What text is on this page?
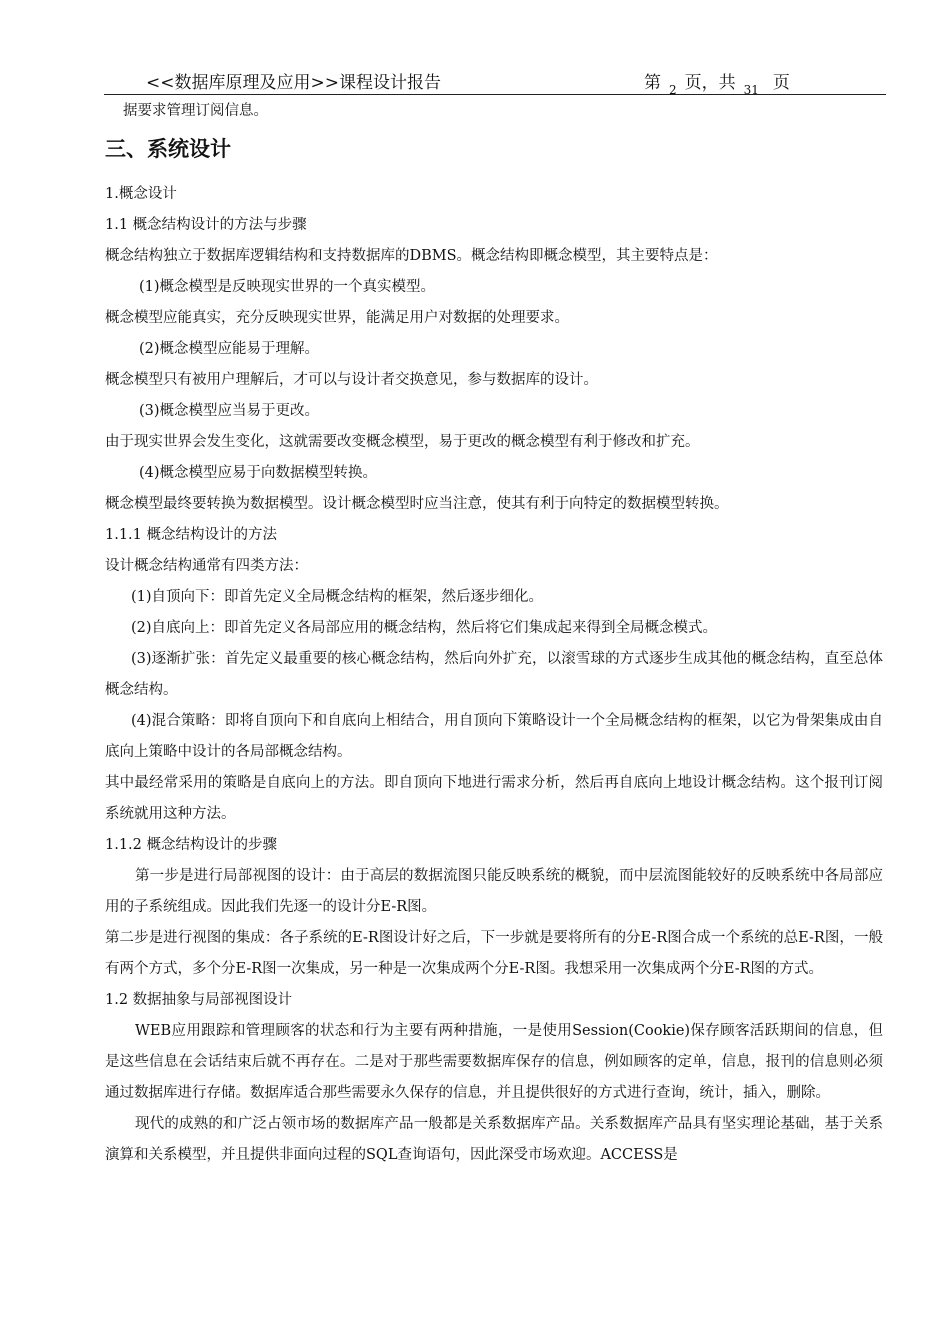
<<数据库原理及应用>>课程设计报告	第 2 页，共 31 页

据要求管理订阅信息。

三、系统设计

1.概念设计

1.1 概念结构设计的方法与步骤

概念结构独立于数据库逻辑结构和支持数据库的DBMS。概念结构即概念模型，其主要特点是：

(1)概念模型是反映现实世界的一个真实模型。

概念模型应能真实，充分反映现实世界，能满足用户对数据的处理要求。

(2)概念模型应能易于理解。

概念模型只有被用户理解后，才可以与设计者交换意见，参与数据库的设计。

(3)概念模型应当易于更改。

由于现实世界会发生变化，这就需要改变概念模型，易于更改的概念模型有利于修改和扩充。

(4)概念模型应易于向数据模型转换。

概念模型最终要转换为数据模型。设计概念模型时应当注意，使其有利于向特定的数据模型转换。

1.1.1 概念结构设计的方法

设计概念结构通常有四类方法：

(1)自顶向下：即首先定义全局概念结构的框架，然后逐步细化。

(2)自底向上：即首先定义各局部应用的概念结构，然后将它们集成起来得到全局概念模式。

(3)逐渐扩张：首先定义最重要的核心概念结构，然后向外扩充，以滚雪球的方式逐步生成其他的概念结构，直至总体概念结构。

(4)混合策略：即将自顶向下和自底向上相结合，用自顶向下策略设计一个全局概念结构的框架，以它为骨架集成由自底向上策略中设计的各局部概念结构。

其中最经常采用的策略是自底向上的方法。即自顶向下地进行需求分析，然后再自底向上地设计概念结构。这个报刊订阅系统就用这种方法。

1.1.2 概念结构设计的步骤

第一步是进行局部视图的设计：由于高层的数据流图只能反映系统的概貌，而中层流图能较好的反映系统中各局部应用的子系统组成。因此我们先逐一的设计分E-R图。

第二步是进行视图的集成：各子系统的E-R图设计好之后，下一步就是要将所有的分E-R图合成一个系统的总E-R图，一般有两个方式，多个分E-R图一次集成，另一种是一次集成两个分E-R图。我想采用一次集成两个分E-R图的方式。

1.2 数据抽象与局部视图设计

WEB应用跟踪和管理顾客的状态和行为主要有两种措施，一是使用Session(Cookie)保存顾客活跃期间的信息，但是这些信息在会话结束后就不再存在。二是对于那些需要数据库保存的信息，例如顾客的定单，信息，报刊的信息则必须通过数据库进行存储。数据库适合那些需要永久保存的信息，并且提供很好的方式进行查询，统计，插入，删除。

现代的成熟的和广泛占领市场的数据库产品一般都是关系数据库产品。关系数据库产品具有坚实理论基础，基于关系演算和关系模型，并且提供非面向过程的SQL查询语句，因此深受市场欢迎。ACCESS是
